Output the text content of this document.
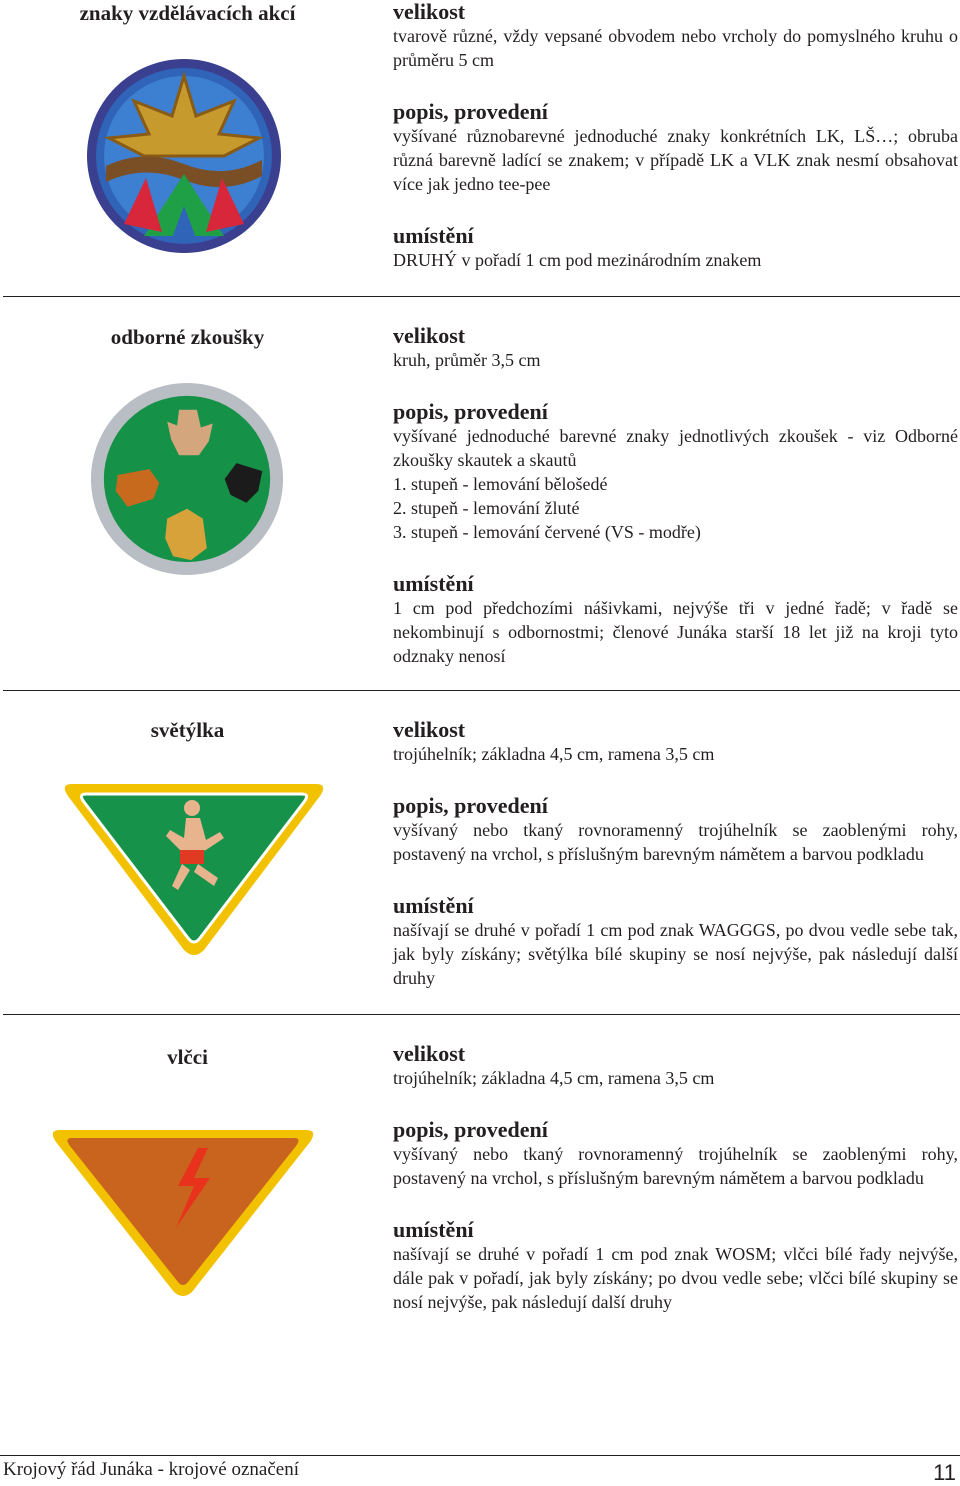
znaky vzdělávacích akcí	velikost

tvarově různé, vždy vepsané obvodem nebo vrcholy do pomyslného kruhu o průměru 5 cm

popis, provedení

vyšívané různobarevné jednoduché znaky konkrétních LK, LŠ…; obruba různá barevně ladící se znakem; v případě LK a VLK znak nesmí obsahovat více jak jedno tee-pee

umístění

DRUHÝ v pořadí 1 cm pod mezinárodním znakem

odborné zkoušky	velikost

kruh, průměr 3,5 cm

popis, provedení

vyšívané jednoduché barevné znaky jednotlivých zkoušek - viz Odborné zkoušky skautek a skautů

1. stupeň - lemování bělošedé

2. stupeň - lemování žluté

3. stupeň - lemování červené (VS - modře)

umístění

1 cm pod předchozími nášivkami, nejvýše tři v jedné řadě; v řadě se nekombinují s odbornostmi; členové Junáka starší 18 let již na kroji tyto odznaky nenosí

světýlka	velikost

trojúhelník; základna 4,5 cm, ramena 3,5 cm

popis, provedení

vyšívaný nebo tkaný rovnoramenný trojúhelník se zaoblenými rohy, postavený na vrchol, s příslušným barevným námětem a barvou podkladu

umístění

našívají se druhé v pořadí 1 cm pod znak WAGGGS, po dvou vedle sebe tak, jak byly získány; světýlka bílé skupiny se nosí nejvýše, pak následují další druhy

vlčci	velikost

trojúhelník; základna 4,5 cm, ramena 3,5 cm

popis, provedení

vyšívaný nebo tkaný rovnoramenný trojúhelník se zaoblenými rohy, postavený na vrchol, s příslušným barevným námětem a barvou podkladu

umístění

našívají se druhé v pořadí 1 cm pod znak WOSM; vlčci bílé řady nejvýše, dále pak v pořadí, jak byly získány; po dvou vedle sebe; vlčci bílé skupiny se nosí nejvýše, pak následují další druhy

Krojový řád Junáka - krojové označení	11
